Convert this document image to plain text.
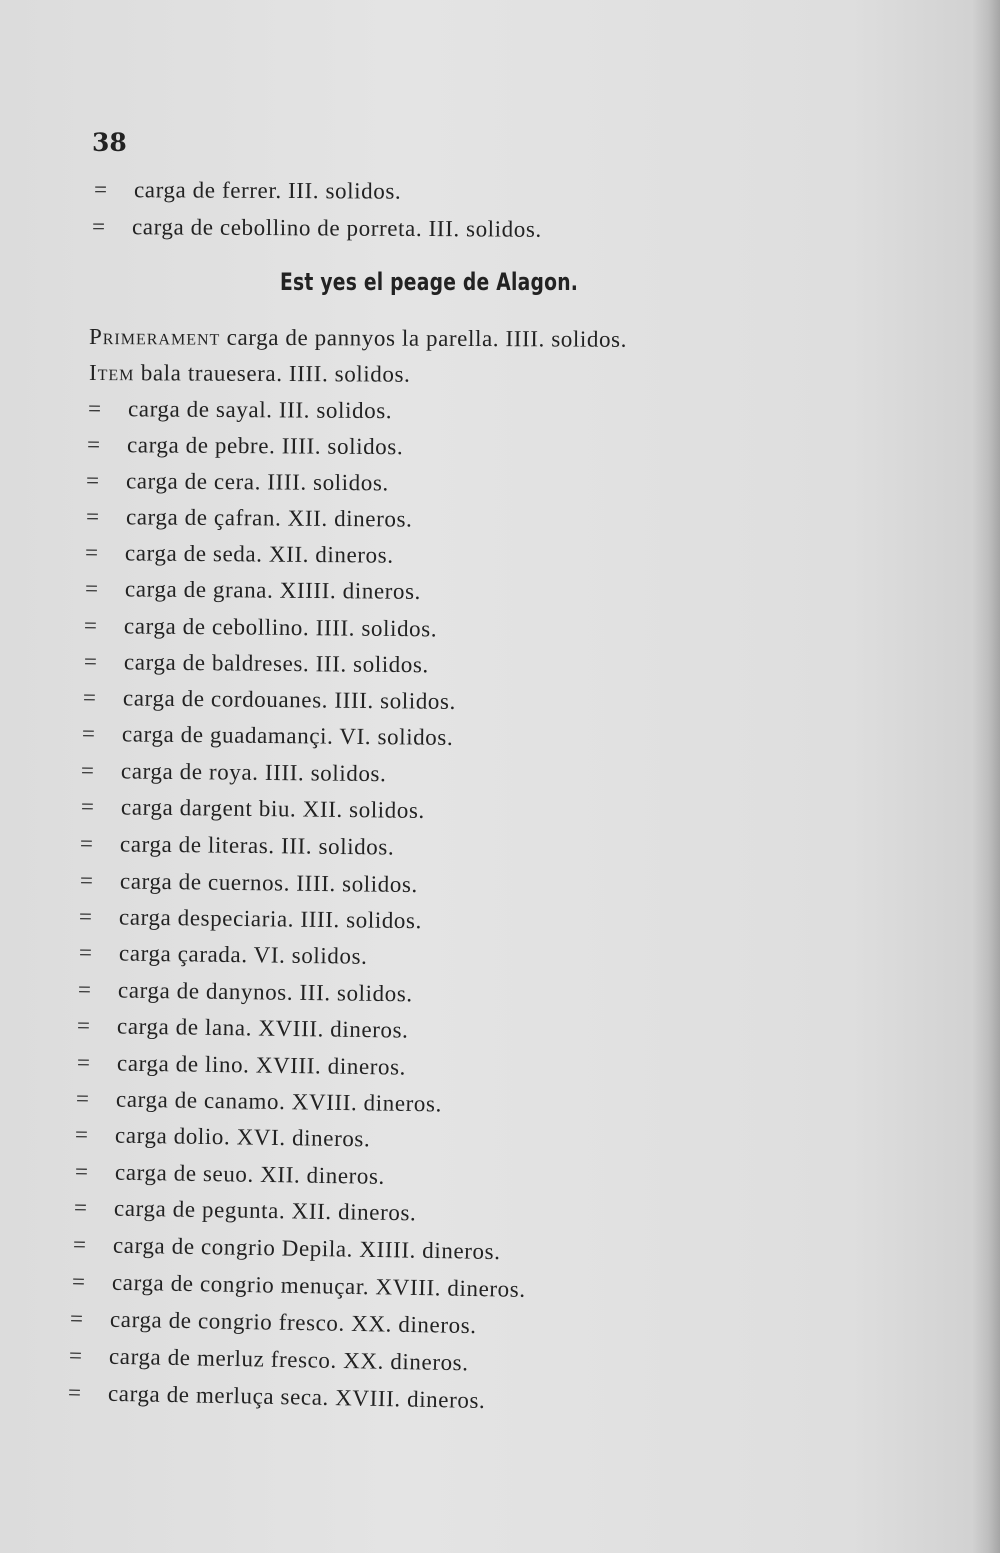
38
= carga de ferrer. III. solidos.
= carga de cebollino de porreta. III. solidos.
Est yes el peage de Alagon.
Primerament carga de pannyos la parella. IIII. solidos.
Item bala trauesera. IIII. solidos.
= carga de sayal. III. solidos.
= carga de pebre. IIII. solidos.
= carga de cera. IIII. solidos.
= carga de çafran. XII. dineros.
= carga de seda. XII. dineros.
= carga de grana. XIIII. dineros.
= carga de cebollino. IIII. solidos.
= carga de baldreses. III. solidos.
= carga de cordouanes. IIII. solidos.
= carga de guadamançi. VI. solidos.
= carga de roya. IIII. solidos.
= carga dargent biu. XII. solidos.
= carga de literas. III. solidos.
= carga de cuernos. IIII. solidos.
= carga despeciaria. IIII. solidos.
= carga çarada. VI. solidos.
= carga de danynos. III. solidos.
= carga de lana. XVIII. dineros.
= carga de lino. XVIII. dineros.
= carga de canamo. XVIII. dineros.
= carga dolio. XVI. dineros.
= carga de seuo. XII. dineros.
= carga de pegunta. XII. dineros.
= carga de congrio Depila. XIIII. dineros.
= carga de congrio menuçar. XVIII. dineros.
= carga de congrio fresco. XX. dineros.
= carga de merluz fresco. XX. dineros.
= carga de merluça seca. XVIII. dineros.
